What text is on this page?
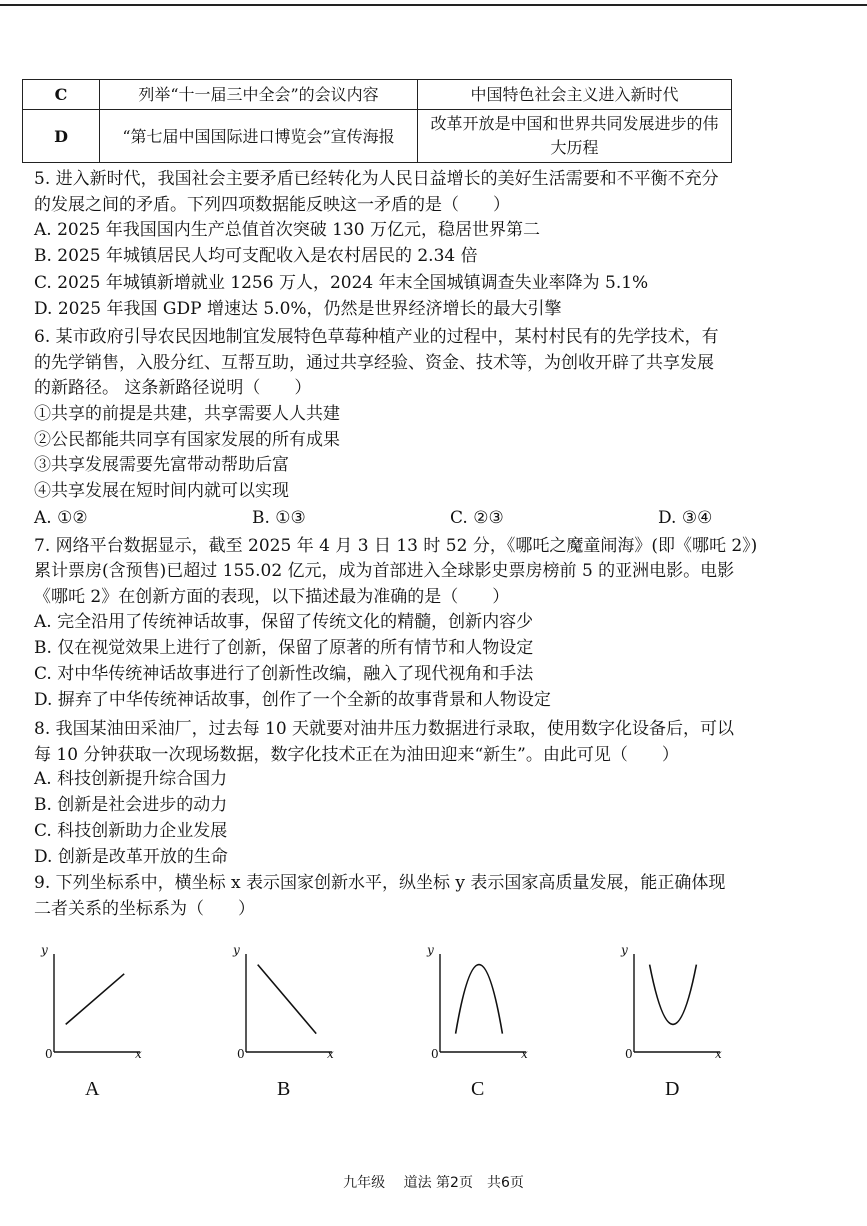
C	列举“十一届三中全会”的会议内容	中国特色社会主义进入新时代
D	“第七届中国国际进口博览会”宣传海报	改革开放是中国和世界共同发展进步的伟大历程
5. 进入新时代，我国社会主要矛盾已经转化为人民日益增长的美好生活需要和不平衡不充分
的发展之间的矛盾。下列四项数据能反映这一矛盾的是（　　）
A. 2025 年我国国内生产总值首次突破 130 万亿元，稳居世界第二
B. 2025 年城镇居民人均可支配收入是农村居民的 2.34 倍
C. 2025 年城镇新增就业 1256 万人，2024 年末全国城镇调查失业率降为 5.1%
D. 2025 年我国 GDP 增速达 5.0%，仍然是世界经济增长的最大引擎
6. 某市政府引导农民因地制宜发展特色草莓种植产业的过程中，某村村民有的先学技术，有
的先学销售，入股分红、互帮互助，通过共享经验、资金、技术等，为创收开辟了共享发展
的新路径。 这条新路径说明（　　）
①共享的前提是共建，共享需要人人共建
②公民都能共同享有国家发展的所有成果
③共享发展需要先富带动帮助后富
④共享发展在短时间内就可以实现
A. ①②	B. ①③	C. ②③	D. ③④
7. 网络平台数据显示，截至 2025 年 4 月 3 日 13 时 52 分，《哪吒之魔童闹海》(即《哪吒 2》)
累计票房(含预售)已超过 155.02 亿元，成为首部进入全球影史票房榜前 5 的亚洲电影。电影
《哪吒 2》在创新方面的表现，以下描述最为准确的是（　　）
A. 完全沿用了传统神话故事，保留了传统文化的精髓，创新内容少
B. 仅在视觉效果上进行了创新，保留了原著的所有情节和人物设定
C. 对中华传统神话故事进行了创新性改编，融入了现代视角和手法
D. 摒弃了中华传统神话故事，创作了一个全新的故事背景和人物设定
8. 我国某油田采油厂，过去每 10 天就要对油井压力数据进行录取，使用数字化设备后，可以
每 10 分钟获取一次现场数据，数字化技术正在为油田迎来“新生”。由此可见（　　）
A. 科技创新提升综合国力
B. 创新是社会进步的动力
C. 科技创新助力企业发展
D. 创新是改革开放的生命
9. 下列坐标系中，横坐标 x 表示国家创新水平，纵坐标 y 表示国家高质量发展，能正确体现
二者关系的坐标系为（　　）
y
x
0
A
y
x
0
B
y
x
0
C
y
x
0
D
九年级　 道法 第2页　共6页
